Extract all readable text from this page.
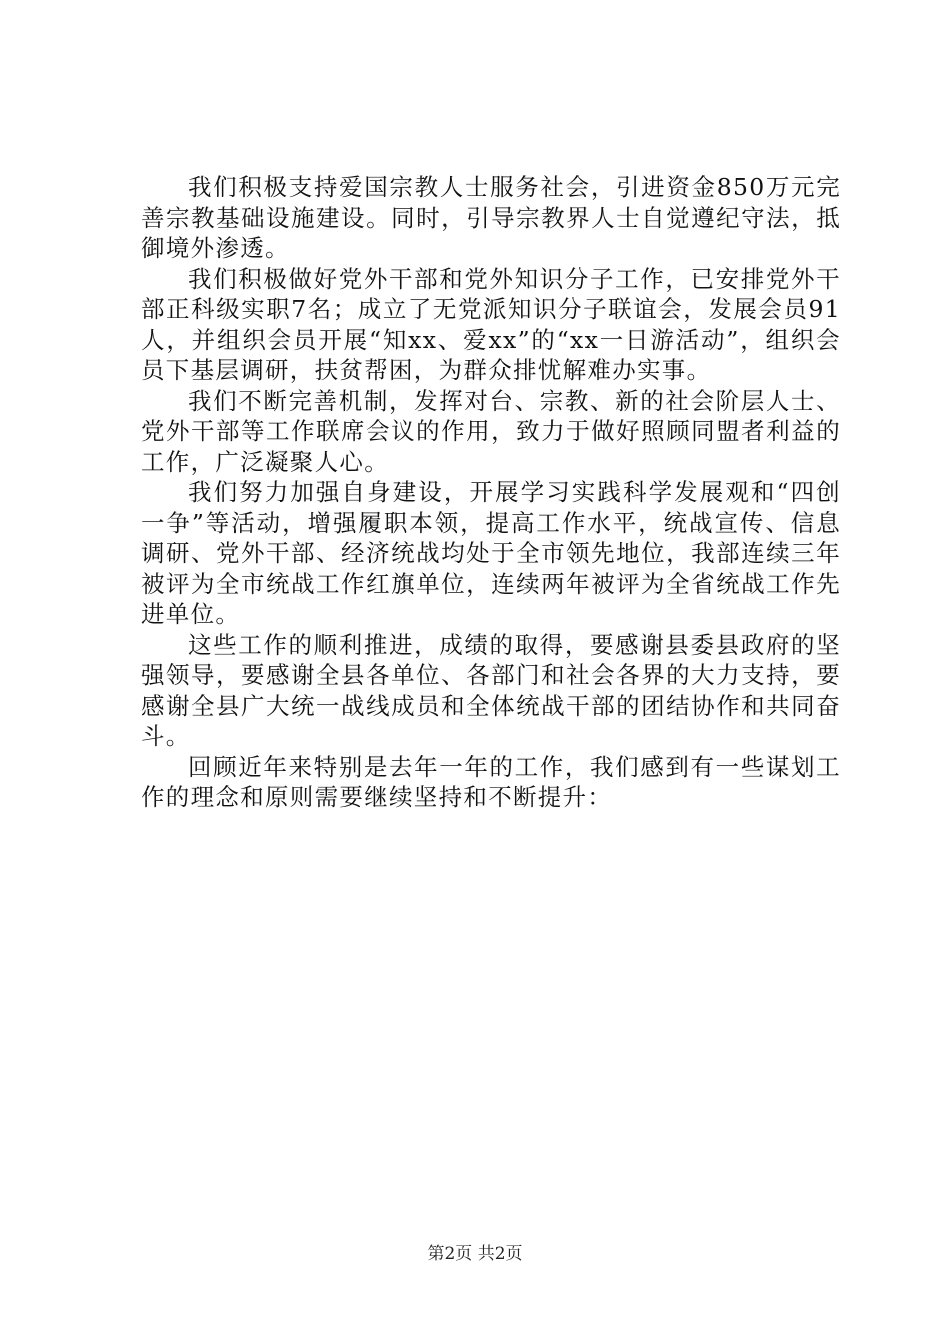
我们积极支持爱国宗教人士服务社会，引进资金850万元完善宗教基础设施建设。同时，引导宗教界人士自觉遵纪守法，抵御境外渗透。

我们积极做好党外干部和党外知识分子工作，已安排党外干部正科级实职7名；成立了无党派知识分子联谊会，发展会员91人，并组织会员开展“知xx、爱xx”的“xx一日游活动”，组织会员下基层调研，扶贫帮困，为群众排忧解难办实事。

我们不断完善机制，发挥对台、宗教、新的社会阶层人士、党外干部等工作联席会议的作用，致力于做好照顾同盟者利益的工作，广泛凝聚人心。

我们努力加强自身建设，开展学习实践科学发展观和“四创一争”等活动，增强履职本领，提高工作水平，统战宣传、信息调研、党外干部、经济统战均处于全市领先地位，我部连续三年被评为全市统战工作红旗单位，连续两年被评为全省统战工作先进单位。

这些工作的顺利推进，成绩的取得，要感谢县委县政府的坚强领导，要感谢全县各单位、各部门和社会各界的大力支持，要感谢全县广大统一战线成员和全体统战干部的团结协作和共同奋斗。

回顾近年来特别是去年一年的工作，我们感到有一些谋划工作的理念和原则需要继续坚持和不断提升：

第2页 共2页
